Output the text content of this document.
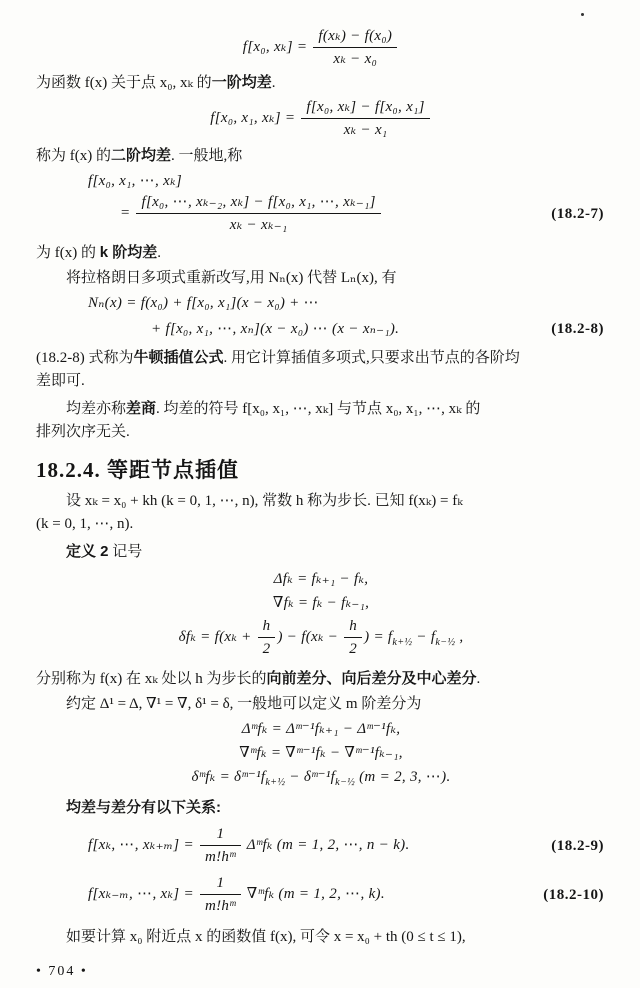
f[x₀, $x_k] = \frac{\text{f(xₖ) − f(x₀)}}{\text{xₖ − x₀}}$
为函数 f(x) 关于点 x₀, xₖ 的一阶均差.
f[x₀, x₁, $x_k] = \frac{\text{f[x₀, xₖ] − f[x₀, x₁]}}{\text{xₖ − x₁}}$
称为 f(x) 的二阶均差. 一般地,称
f[x₀, x₁, ⋯, xₖ]
= $\frac{\text{f[x₀, ⋯, xₖ₋₂, xₖ] − f[x₀, x₁, ⋯, xₖ₋₁]}}{\text{xₖ − xₖ₋₁}}$	(18.2-7)
为 f(x) 的 k 阶均差.
将拉格朗日多项式重新改写,用 Nₙ(x) 代替 Lₙ(x), 有
Nₙ(x) = f(x₀) + f[x₀, x₁](x − x₀) + ⋯
+ f[x₀, x₁, ⋯, xₙ](x − x₀) ⋯ (x − xₙ₋₁).	(18.2-8)
(18.2-8) 式称为牛顿插值公式. 用它计算插值多项式,只要求出节点的各阶均
差即可.
均差亦称差商. 均差的符号 f[x₀, x₁, ⋯, xₖ] 与节点 x₀, x₁, ⋯, xₖ 的
排列次序无关.
18.2.4. 等距节点插值
设 xₖ = x₀ + kh (k = 0, 1, ⋯, n), 常数 h 称为步长. 已知 f(xₖ) = fₖ
(k = 0, 1, ⋯, n).
定义 2 记号
Δfₖ = fₖ₊₁ − fₖ,
∇fₖ = fₖ − fₖ₋₁,
$\delta f_k = f(x_k + \frac{h}{2}$ ) − $f(x_k - \frac{h}{2}$ ) = $f_{k+\frac{1}{2}} - f_{k-\frac{1}{2}}$ ,
分别称为 f(x) 在 xₖ 处以 h 为步长的向前差分、向后差分及中心差分.
约定 Δ¹ = Δ, ∇¹ = ∇, δ¹ = δ, 一般地可以定义 m 阶差分为
Δᵐfₖ = Δᵐ⁻¹fₖ₊₁ − Δᵐ⁻¹fₖ,
∇ᵐfₖ = ∇ᵐ⁻¹fₖ − ∇ᵐ⁻¹fₖ₋₁,
δᵐfₖ = $\delta ᵐ^{-1}f_{k+\frac{1}{2}}$ − $\delta ᵐ^{-1}f_{k-\frac{1}{2}}$ (m = 2, 3, ⋯).
均差与差分有以下关系:
f[xₖ, ⋯, $x_{k+m}] = \frac{1}{\text{m!hᵐ}}$ Δᵐfₖ (m = 1, 2, ⋯, n − k).	(18.2-9)
f[xₖ₋ₘ, ⋯, $x_k] = \frac{1}{\text{m!hᵐ}}$ ∇ᵐfₖ (m = 1, 2, ⋯, k).	(18.2-10)
如要计算 x₀ 附近点 x 的函数值 f(x), 可令 x = x₀ + th (0 ≤ t ≤ 1),
• 704 •
